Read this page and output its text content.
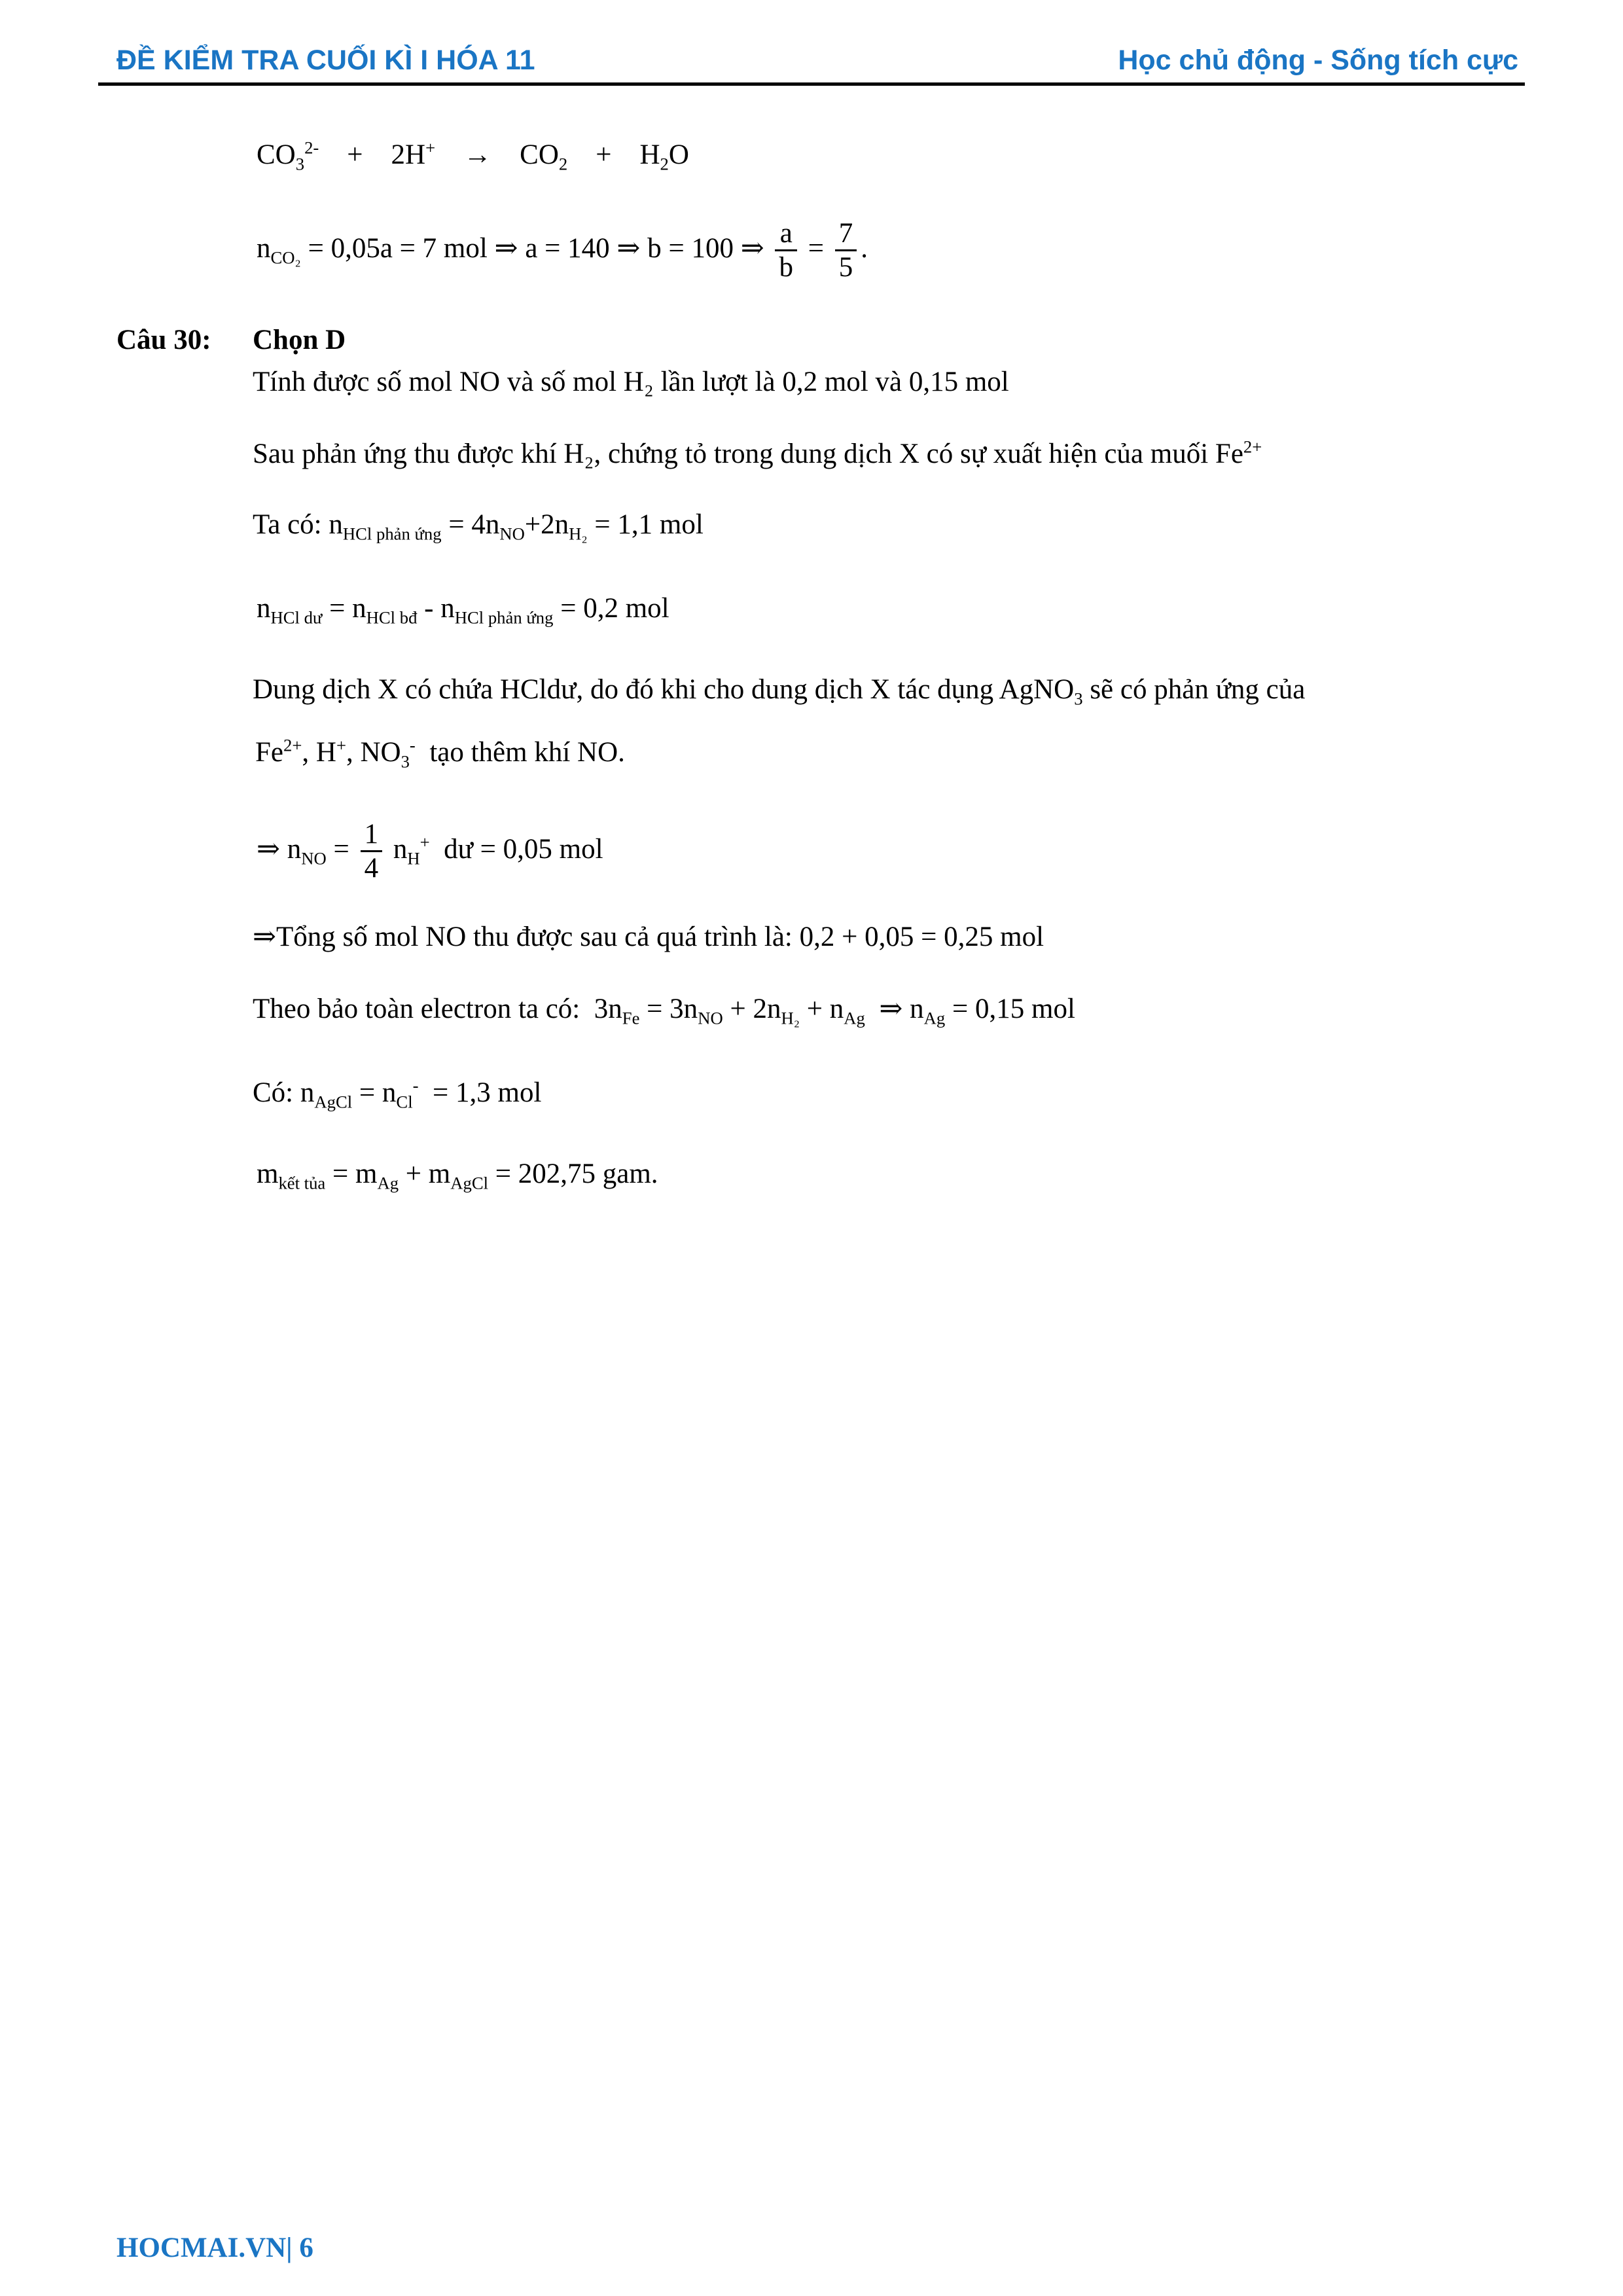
ĐỀ KIỂM TRA CUỐI KÌ I HÓA 11	Học chủ động - Sống tích cực
$CO_3^{2-} + 2H^+ \to CO_2 + H_2O$
$n_{CO_2} = 0,05a = 7$ mol ⇒ a = 140 ⇒ b = 100 ⇒ $\frac{a}{b} = \frac{7}{5}$ .
Câu 30: Chọn D
Tính được số mol NO và số mol H₂ lần lượt là 0,2 mol và 0,15 mol
Sau phản ứng thu được khí H₂, chứng tỏ trong dung dịch X có sự xuất hiện của muối $Fe^{2+}$
Ta có: $n_{HCl phản ứng} = 4n_{NO}+2n_{H_2} = 1,1$ mol
$n_{HCl dư} = n_{HCl bđ} - n_{HCl phản ứng} = 0,2$ mol
Dung dịch X có chứa HCldư, do đó khi cho dung dịch X tác dụng AgNO$_3$ sẽ có phản ứng của
$Fe^{2+}$, H+, $NO_3^-$ tạo thêm khí NO.
⇒ $n_{NO} = \frac{1}{4} n_H^+$ dư = 0,05 mol
⇒Tổng số mol NO thu được sau cả quá trình là: 0,2 + 0,05 = 0,25 mol
Theo bảo toàn electron ta có: $3n_{Fe} = 3n_{NO} + 2n_{H_2} + n_{Ag}$ ⇒ $n_{Ag} = 0,15$ mol
Có: $n_{AgCl} = n_{Cl}^- = 1,3$ mol
$m_{kết tủa} = m_{Ag} + m_{AgCl} = 202,75$ gam.
HOCMAI.VN| 6
